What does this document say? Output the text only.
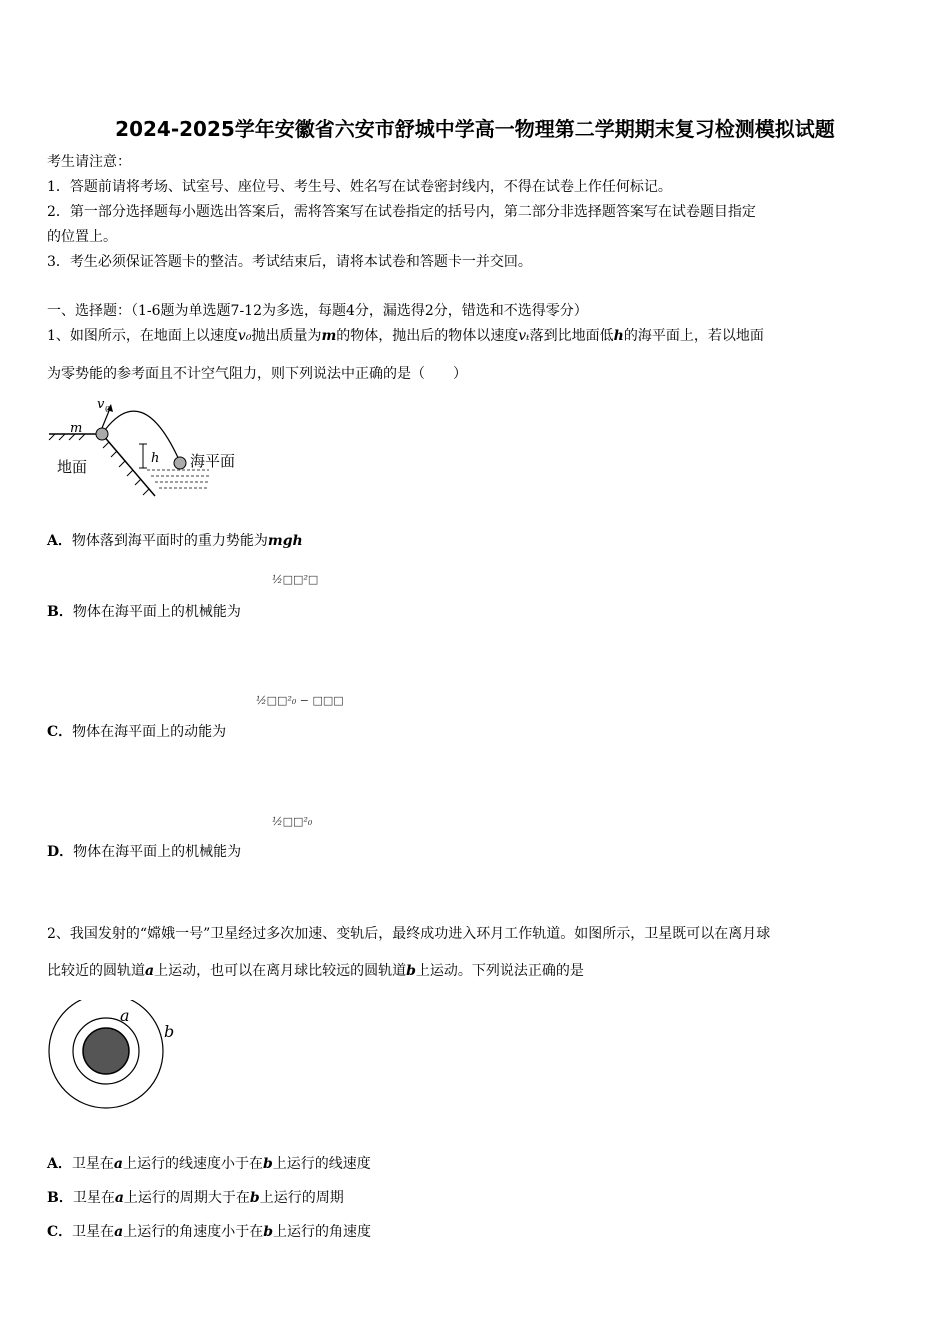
2024-2025学年安徽省六安市舒城中学高一物理第二学期期末复习检测模拟试题
考生请注意：
1．答题前请将考场、试室号、座位号、考生号、姓名写在试卷密封线内，不得在试卷上作任何标记。
2．第一部分选择题每小题选出答案后，需将答案写在试卷指定的括号内，第二部分非选择题答案写在试卷题目指定
的位置上。
3．考生必须保证答题卡的整洁。考试结束后，请将本试卷和答题卡一并交回。
一、选择题：（1-6题为单选题7-12为多选，每题4分，漏选得2分，错选和不选得零分）
1、如图所示，在地面上以速度v₀抛出质量为m的物体，抛出后的物体以速度vₜ落到比地面低h的海平面上，若以地面
为零势能的参考面且不计空气阻力，则下列说法中正确的是（　　）
v 0
m
地面	h 海平面
A．物体落到海平面时的重力势能为mgh
½□□²□
B．物体在海平面上的机械能为
½□□²₀ − □□□
C．物体在海平面上的动能为
½□□²₀
D．物体在海平面上的机械能为
2、我国发射的“嫦娥一号”卫星经过多次加速、变轨后，最终成功进入环月工作轨道。如图所示，卫星既可以在离月球
比较近的圆轨道a上运动，也可以在离月球比较远的圆轨道b上运动。下列说法正确的是
a
b
A．卫星在a上运行的线速度小于在b上运行的线速度
B．卫星在a上运行的周期大于在b上运行的周期
C．卫星在a上运行的角速度小于在b上运行的角速度
